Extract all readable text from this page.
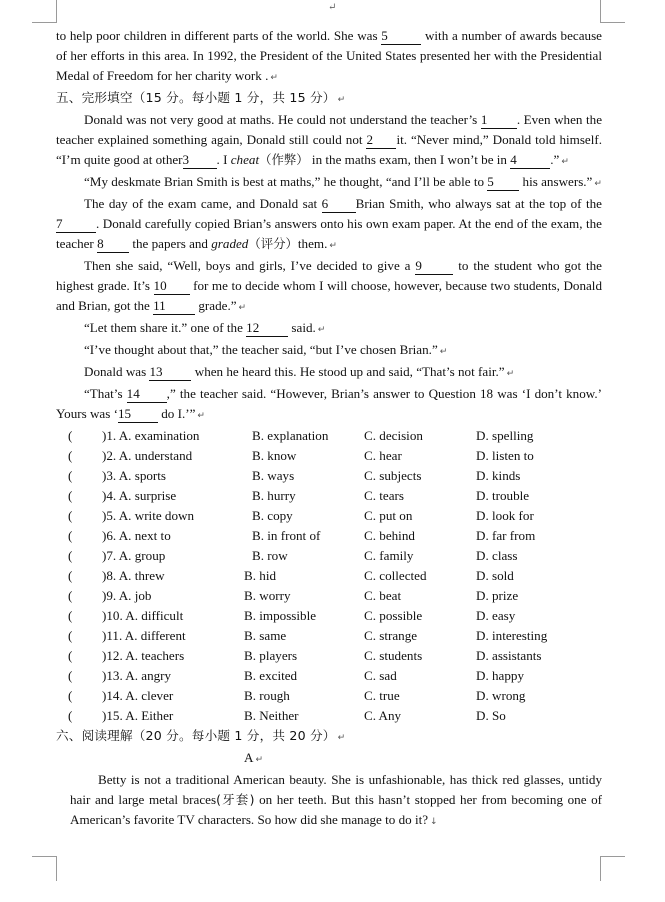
↵
to help poor children in different parts of the world. She was 5	with a number of awards because of her efforts in this area. In 1992, the President of the United States presented her with the Presidential Medal of Freedom for her charity work . ↵
五、完形填空（15 分。每小题 1 分，共 15 分） ↵
Donald was not very good at maths. He could not understand the teacher’s 1 . Even when the teacher explained something again, Donald still could not 2 it. “Never mind,” Donald told himself. “I’m quite good at other3 . I cheat（作弊） in the maths exam, then I won’t be in 4	.” ↵
“My deskmate Brian Smith is best at maths,” he thought, “and I’ll be able to 5 his answers.” ↵
The day of the exam came, and Donald sat 6 Brian Smith, who always sat at the top of the 7	. Donald carefully copied Brian’s answers onto his own exam paper. At the end of the exam, the teacher 8 the papers and graded（评分）them. ↵
Then she said, “Well, boys and girls, I’ve decided to give a 9 to the student who got the highest grade. It’s 10 for me to decide whom I will choose, however, because two students, Donald and Brian, got the 11 grade.” ↵
“Let them share it.” one of the 12 said. ↵
“I’ve thought about that,” the teacher said, “but I’ve chosen Brian.” ↵
Donald was 13 when he heard this. He stood up and said, “That’s not fair.” ↵
“That’s 14 ,” the teacher said. “However, Brian’s answer to Question 18 was ‘I don’t know.’ Yours was ‘15 do I.’” ↵
( )1. A. examination	B. explanation	C. decision	D. spelling
( )2. A. understand	B. know	C. hear	D. listen to
( )3. A. sports	B. ways	C. subjects	D. kinds
( )4. A. surprise	B. hurry	C. tears	D. trouble
( )5. A. write down	B. copy	C. put on	D. look for
( )6. A. next to	B. in front of	C. behind	D. far from
( )7. A. group	B. row	C. family	D. class
( )8. A. threw	B. hid	C. collected	D. sold
( )9. A. job	B. worry	C. beat	D. prize
( )10. A. difficult	B. impossible	C. possible	D. easy
( )11. A. different	B. same	C. strange	D. interesting
( )12. A. teachers	B. players	C. students	D. assistants
( )13. A. angry	B. excited	C. sad	D. happy
( )14. A. clever	B. rough	C. true	D. wrong
( )15. A. Either	B. Neither	C. Any	D. So
六、阅读理解（20 分。每小题 1 分，共 20 分） ↵
A ↵
Betty is not a traditional American beauty. She is unfashionable, has thick red glasses, untidy hair and large metal braces(牙套) on her teeth. But this hasn’t stopped her from becoming one of American’s favorite TV characters. So how did she manage to do it? ↓
